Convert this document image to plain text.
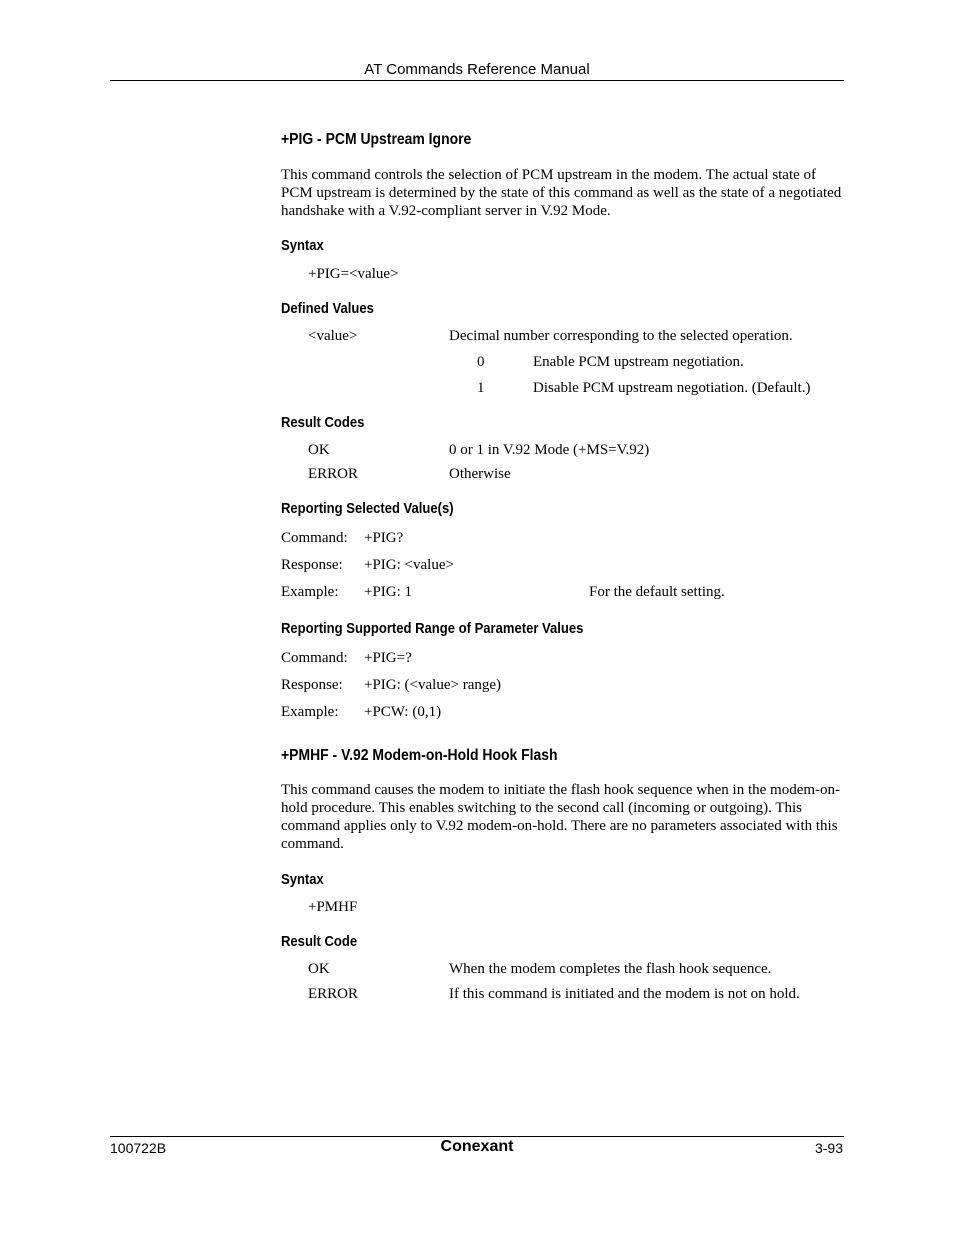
AT Commands Reference Manual
+PIG - PCM Upstream Ignore
This command controls the selection of PCM upstream in the modem. The actual state of PCM upstream is determined by the state of this command as well as the state of a negotiated handshake with a V.92-compliant server in V.92 Mode.
Syntax
+PIG=<value>
Defined Values
<value>	Decimal number corresponding to the selected operation.
0	Enable PCM upstream negotiation.
1	Disable PCM upstream negotiation. (Default.)
Result Codes
OK	0 or 1 in V.92 Mode (+MS=V.92)
ERROR	Otherwise
Reporting Selected Value(s)
Command: +PIG?
Response: +PIG: <value>
Example: +PIG: 1	For the default setting.
Reporting Supported Range of Parameter Values
Command: +PIG=?
Response: +PIG: (<value> range)
Example: +PCW: (0,1)
+PMHF - V.92 Modem-on-Hold Hook Flash
This command causes the modem to initiate the flash hook sequence when in the modem-on-hold procedure. This enables switching to the second call (incoming or outgoing). This command applies only to V.92 modem-on-hold. There are no parameters associated with this command.
Syntax
+PMHF
Result Code
OK	When the modem completes the flash hook sequence.
ERROR	If this command is initiated and the modem is not on hold.
100722B	Conexant	3-93
